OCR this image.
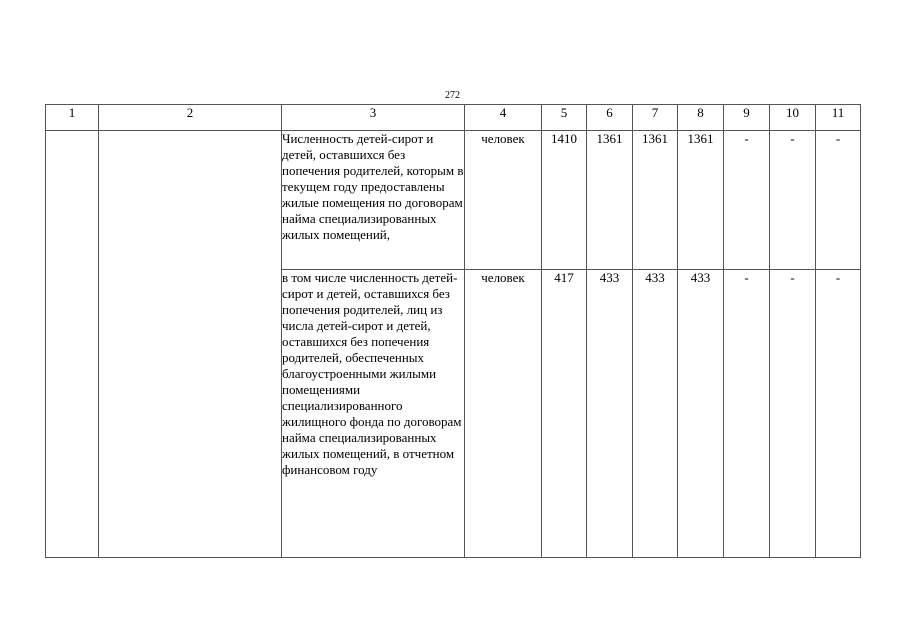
272
1	2	3	4	5	6	7	8	9	10	11
		Численность детей-сирот и детей, оставшихся без попечения родителей, которым в текущем году предоставлены жилые помещения по договорам найма специализированных жилых помещений,	человек	1410	1361	1361	1361	-	-	-
		в том числе численность детей-сирот и детей, оставшихся без попечения родителей, лиц из числа детей-сирот и детей, оставшихся без попечения родителей, обеспеченных благоустроенными жилыми помещениями специализированного жилищного фонда по договорам найма специализированных жилых помещений, в отчетном финансовом году	человек	417	433	433	433	-	-	-
